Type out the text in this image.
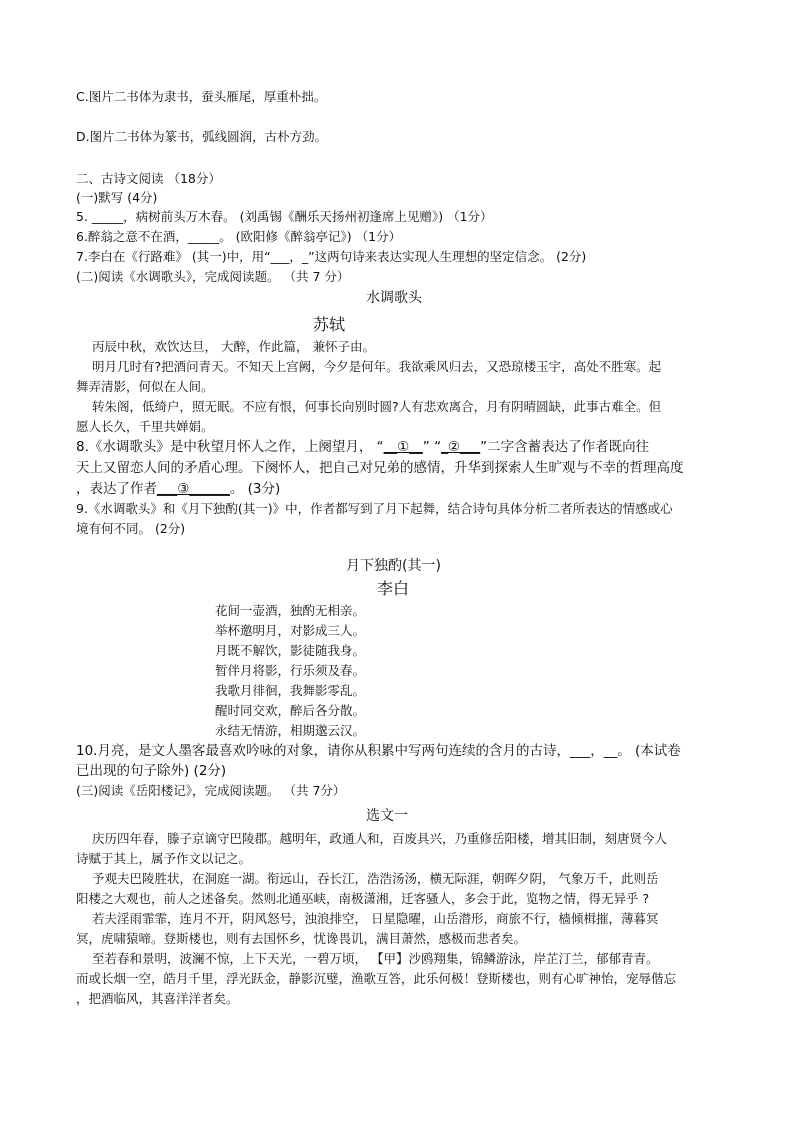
C.图片二书体为隶书，蚕头雁尾，厚重朴拙。
D.图片二书体为篆书，弧线圆润，古朴方劲。
二、古诗文阅读 （18分）
(一)默写 (4分)
5. _____，病树前头万木春。 (刘禹锡《酬乐天扬州初逢席上见赠》) （1分）
6.醉翁之意不在酒，_____。 (欧阳修《醉翁亭记》) （1分）
7.李白在《行路难》 (其一)中，用“___，_”这两句诗来表达实现人生理想的坚定信念。 (2分)
(二)阅读《水调歌头》，完成阅读题。 （共 7 分）
水调歌头
苏轼
丙辰中秋，欢饮达旦， 大醉，作此篇， 兼怀子由。
明月几时有?把酒问青天。不知天上宫阙，今夕是何年。我欲乘风归去，又恐琼楼玉宇，高处不胜寒。起
舞弄清影，何似在人间。
转朱阁，低绮户，照无眠。不应有恨，何事长向别时圆?人有悲欢离合，月有阴晴圆缺，此事古难全。但
愿人长久，千里共婵娟。
8.《水调歌头》是中秋望月怀人之作，上阕望月， “__①__” “_②___”二字含蓄表达了作者既向往
天上又留恋人间的矛盾心理。下阕怀人，把自己对兄弟的感情，升华到探索人生旷观与不幸的哲理高度
，表达了作者___③______。 (3分)
9.《水调歌头》和《月下独酌(其一)》中，作者都写到了月下起舞，结合诗句具体分析二者所表达的情感或心
境有何不同。 (2分)
月下独酌(其一)
李白
花间一壶酒，独酌无相亲。
举杯邀明月，对影成三人。
月既不解饮，影徒随我身。
暂伴月将影，行乐须及春。
我歌月徘徊，我舞影零乱。
醒时同交欢，醉后各分散。
永结无情游，相期邈云汉。
10.月亮，是文人墨客最喜欢吟咏的对象，请你从积累中写两句连续的含月的古诗，___，__。 (本试卷
已出现的句子除外) (2分)
(三)阅读《岳阳楼记》，完成阅读题。 （共 7分）
选文一
庆历四年春，滕子京谪守巴陵郡。越明年，政通人和，百废具兴，乃重修岳阳楼，增其旧制，刻唐贤今人
诗赋于其上，属予作文以记之。
予观夫巴陵胜状，在洞庭一湖。衔远山，吞长江，浩浩汤汤，横无际涯，朝晖夕阴， 气象万千，此则岳
阳楼之大观也，前人之述备矣。然则北通巫峡，南极潇湘，迁客骚人，多会于此，览物之情，得无异乎 ?
若夫淫雨霏霏，连月不开，阴风怒号，浊浪排空， 日星隐曜，山岳潜形，商旅不行，樯倾楫摧，薄暮冥
冥，虎啸猿啼。登斯楼也，则有去国怀乡，忧谗畏讥，满目萧然，感极而悲者矣。
至若春和景明，波澜不惊，上下天光，一碧万顷， 【甲】沙鸥翔集，锦鳞游泳，岸芷汀兰，郁郁青青。
而或长烟一空，皓月千里，浮光跃金，静影沉璧，渔歌互答，此乐何极！登斯楼也，则有心旷神怡，宠辱偕忘
，把酒临风，其喜洋洋者矣。
